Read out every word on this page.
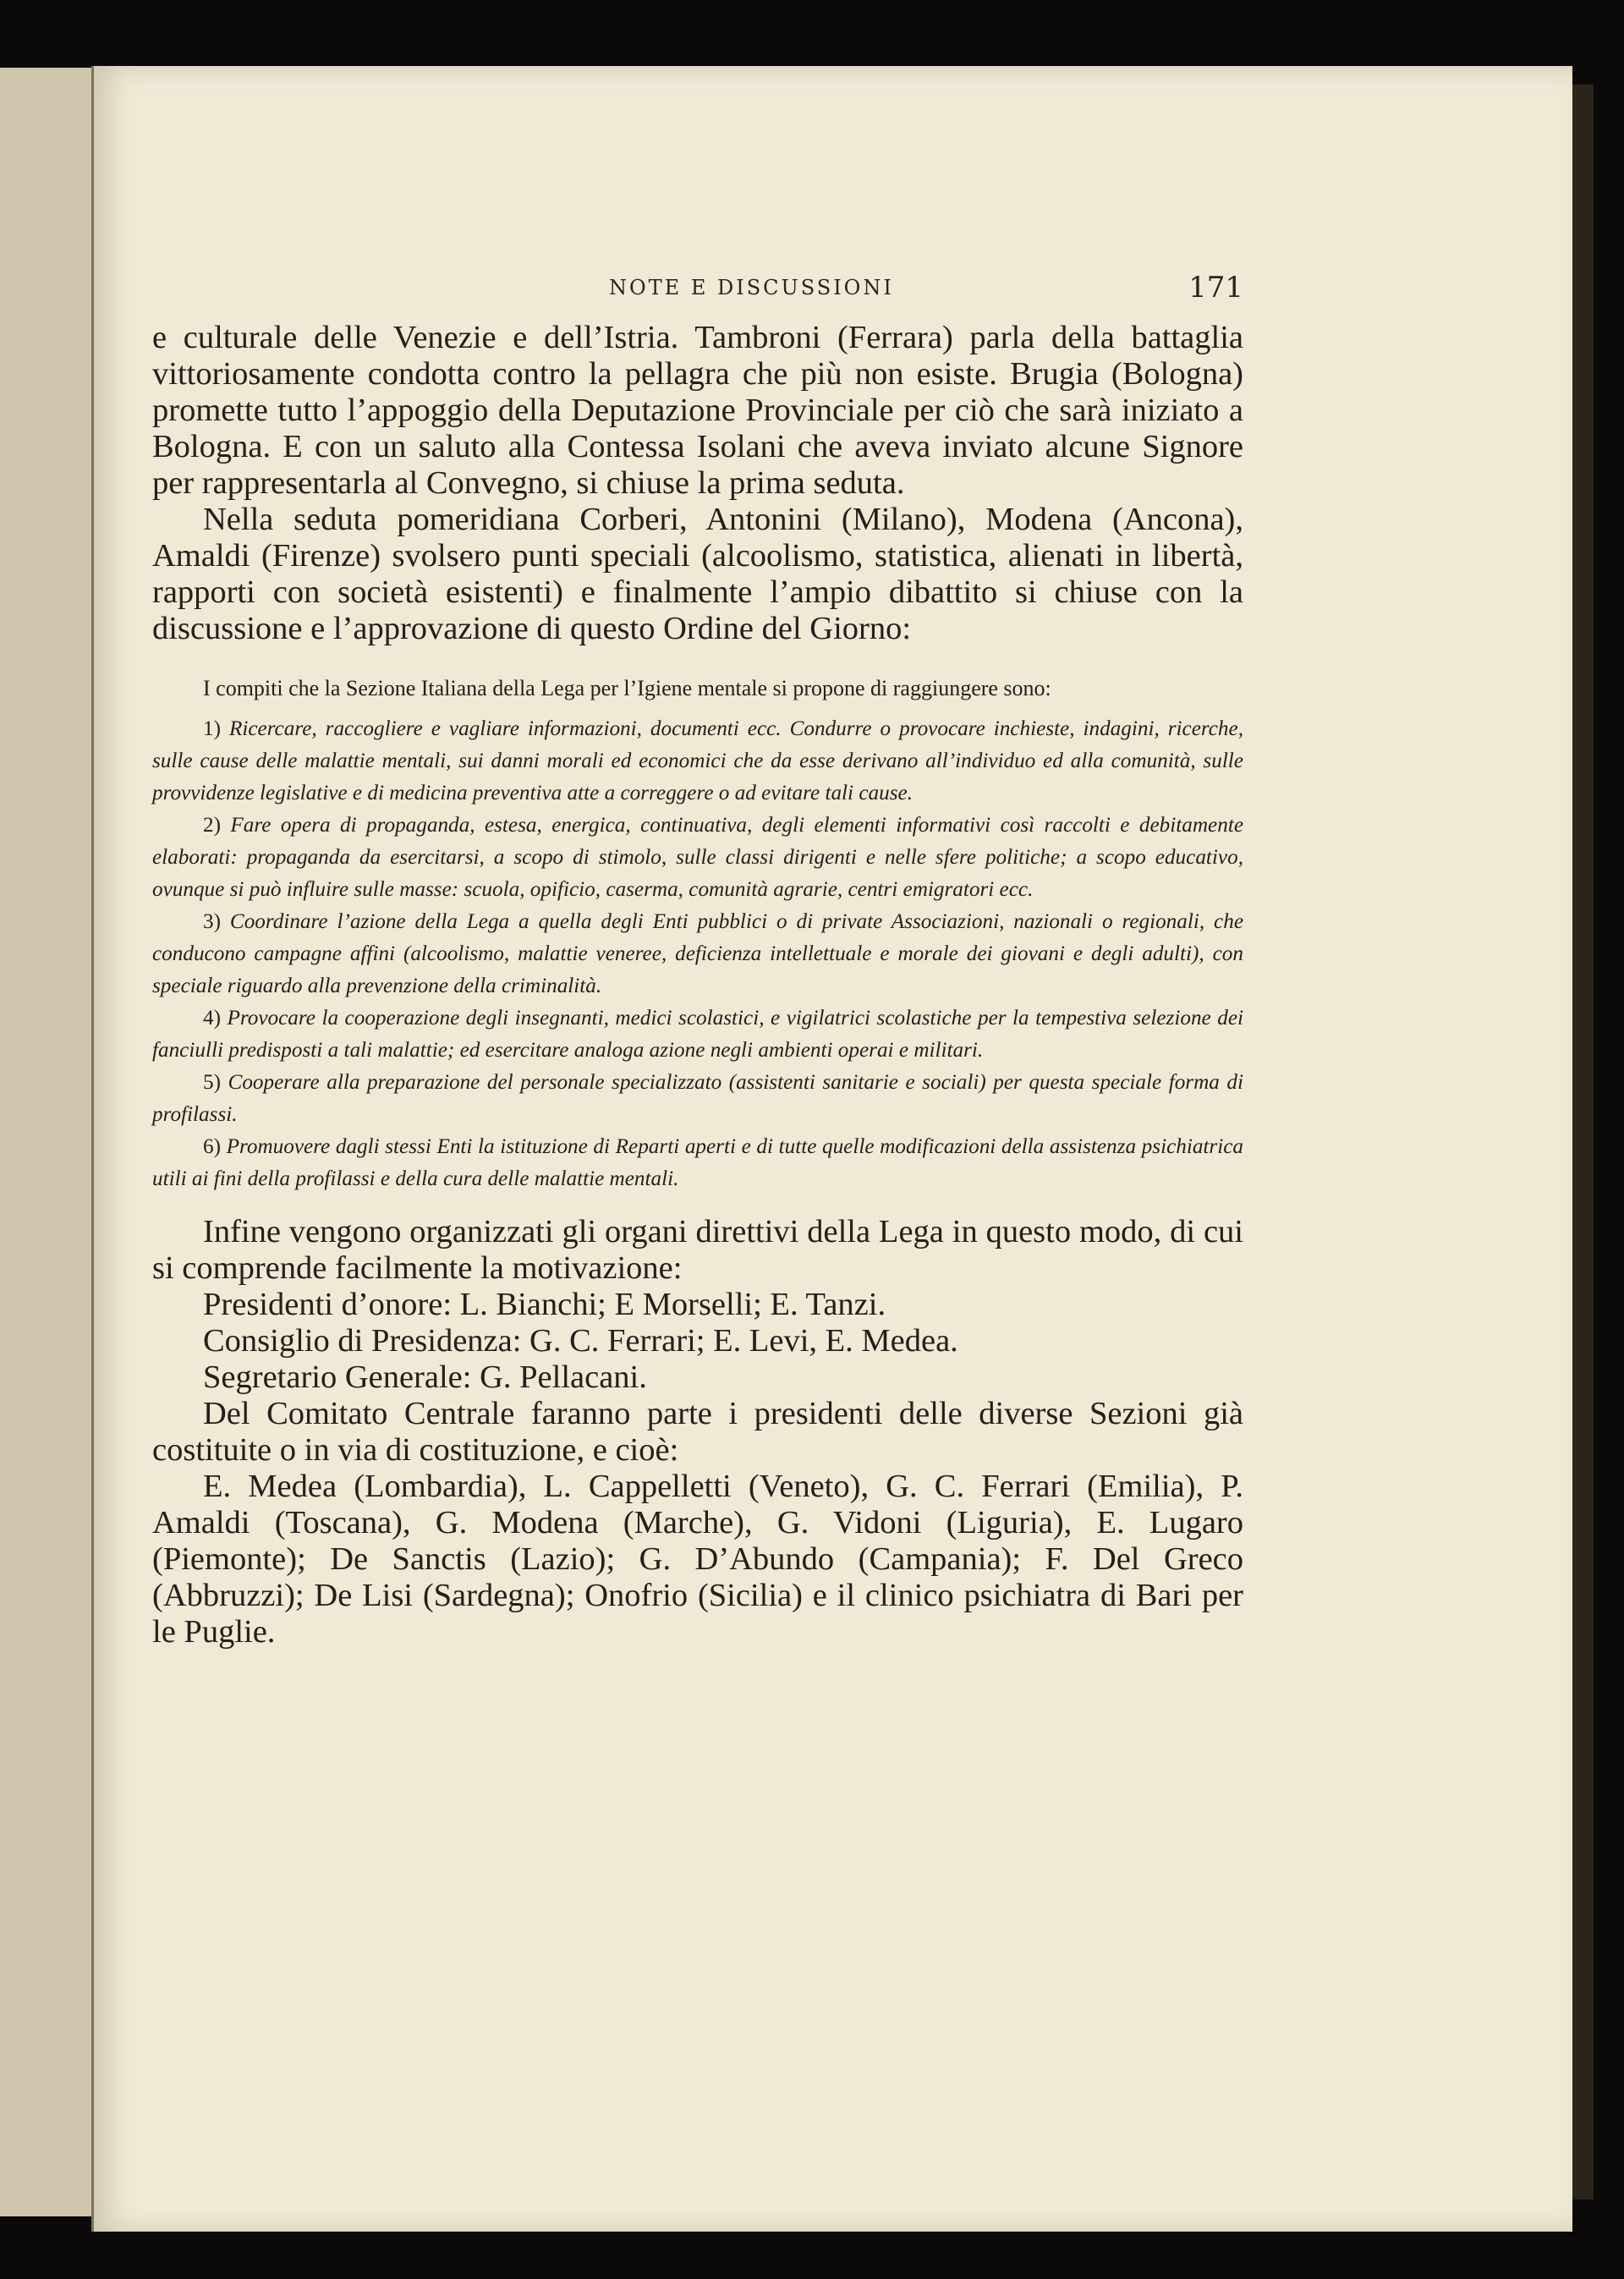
NOTE E DISCUSSIONI	171

e culturale delle Venezie e dell’Istria. Tambroni (Ferrara) parla della battaglia vittoriosamente condotta contro la pellagra che più non esiste. Brugia (Bologna) promette tutto l’appoggio della Deputazione Provinciale per ciò che sarà iniziato a Bologna. E con un saluto alla Contessa Isolani che aveva inviato alcune Signore per rappresentarla al Convegno, si chiuse la prima seduta.

Nella seduta pomeridiana Corberi, Antonini (Milano), Modena (Ancona), Amaldi (Firenze) svolsero punti speciali (alcoolismo, statistica, alienati in libertà, rapporti con società esistenti) e finalmente l’ampio dibattito si chiuse con la discussione e l’approvazione di questo Ordine del Giorno:

I compiti che la Sezione Italiana della Lega per l’Igiene mentale si propone di raggiungere sono:

1) Ricercare, raccogliere e vagliare informazioni, documenti ecc. Condurre o provocare inchieste, indagini, ricerche, sulle cause delle malattie mentali, sui danni morali ed economici che da esse derivano all’individuo ed alla comunità, sulle provvidenze legislative e di medicina preventiva atte a correggere o ad evitare tali cause.

2) Fare opera di propaganda, estesa, energica, continuativa, degli elementi informativi così raccolti e debitamente elaborati: propaganda da esercitarsi, a scopo di stimolo, sulle classi dirigenti e nelle sfere politiche; a scopo educativo, ovunque si può influire sulle masse: scuola, opificio, caserma, comunità agrarie, centri emigratori ecc.

3) Coordinare l’azione della Lega a quella degli Enti pubblici o di private Associazioni, nazionali o regionali, che conducono campagne affini (alcoolismo, malattie veneree, deficienza intellettuale e morale dei giovani e degli adulti), con speciale riguardo alla prevenzione della criminalità.

4) Provocare la cooperazione degli insegnanti, medici scolastici, e vigilatrici scolastiche per la tempestiva selezione dei fanciulli predisposti a tali malattie; ed esercitare analoga azione negli ambienti operai e militari.

5) Cooperare alla preparazione del personale specializzato (assistenti sanitarie e sociali) per questa speciale forma di profilassi.

6) Promuovere dagli stessi Enti la istituzione di Reparti aperti e di tutte quelle modificazioni della assistenza psichiatrica utili ai fini della profilassi e della cura delle malattie mentali.

Infine vengono organizzati gli organi direttivi della Lega in questo modo, di cui si comprende facilmente la motivazione:

Presidenti d’onore: L. Bianchi; E Morselli; E. Tanzi.

Consiglio di Presidenza: G. C. Ferrari; E. Levi, E. Medea.

Segretario Generale: G. Pellacani.

Del Comitato Centrale faranno parte i presidenti delle diverse Sezioni già costituite o in via di costituzione, e cioè:

E. Medea (Lombardia), L. Cappelletti (Veneto), G. C. Ferrari (Emilia), P. Amaldi (Toscana), G. Modena (Marche), G. Vidoni (Liguria), E. Lugaro (Piemonte); De Sanctis (Lazio); G. D’Abundo (Campania); F. Del Greco (Abbruzzi); De Lisi (Sardegna); Onofrio (Sicilia) e il clinico psichiatra di Bari per le Puglie.
